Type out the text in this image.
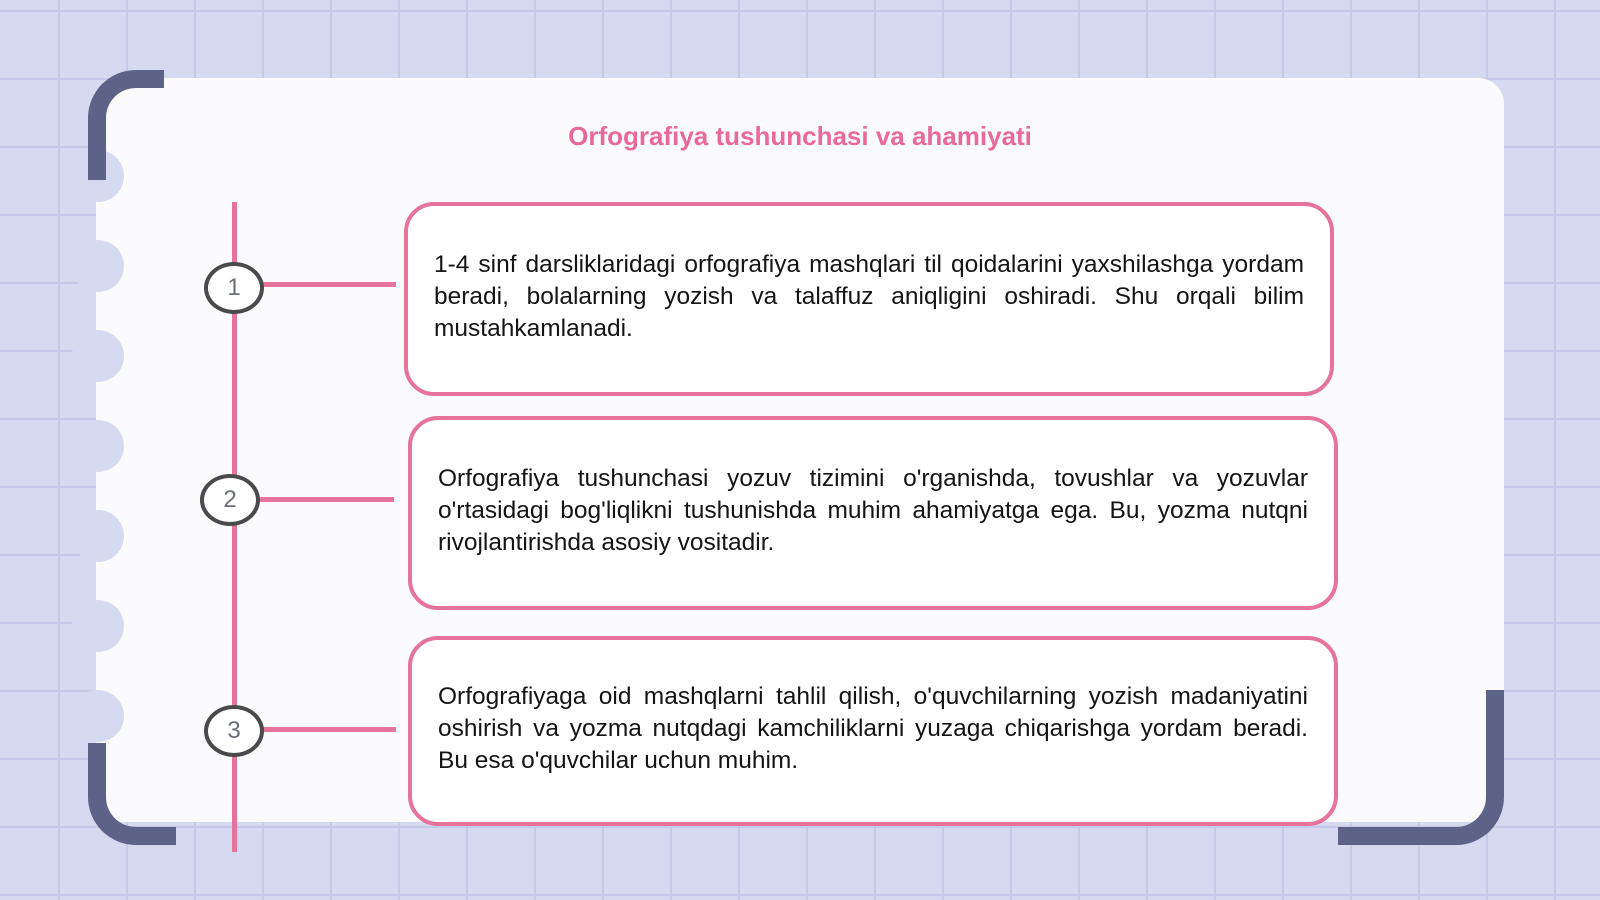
Orfografiya tushunchasi va ahamiyati
1

1-4 sinf darsliklaridagi orfografiya mashqlari til qoidalarini yaxshilashga yordam beradi, bolalarning yozish va talaffuz aniqligini oshiradi. Shu orqali bilim mustahkamlanadi.

2

Orfografiya tushunchasi yozuv tizimini o'rganishda, tovushlar va yozuvlar o'rtasidagi bog'liqlikni tushunishda muhim ahamiyatga ega. Bu, yozma nutqni rivojlantirishda asosiy vositadir.

3

Orfografiyaga oid mashqlarni tahlil qilish, o'quvchilarning yozish madaniyatini oshirish va yozma nutqdagi kamchiliklarni yuzaga chiqarishga yordam beradi. Bu esa o'quvchilar uchun muhim.
